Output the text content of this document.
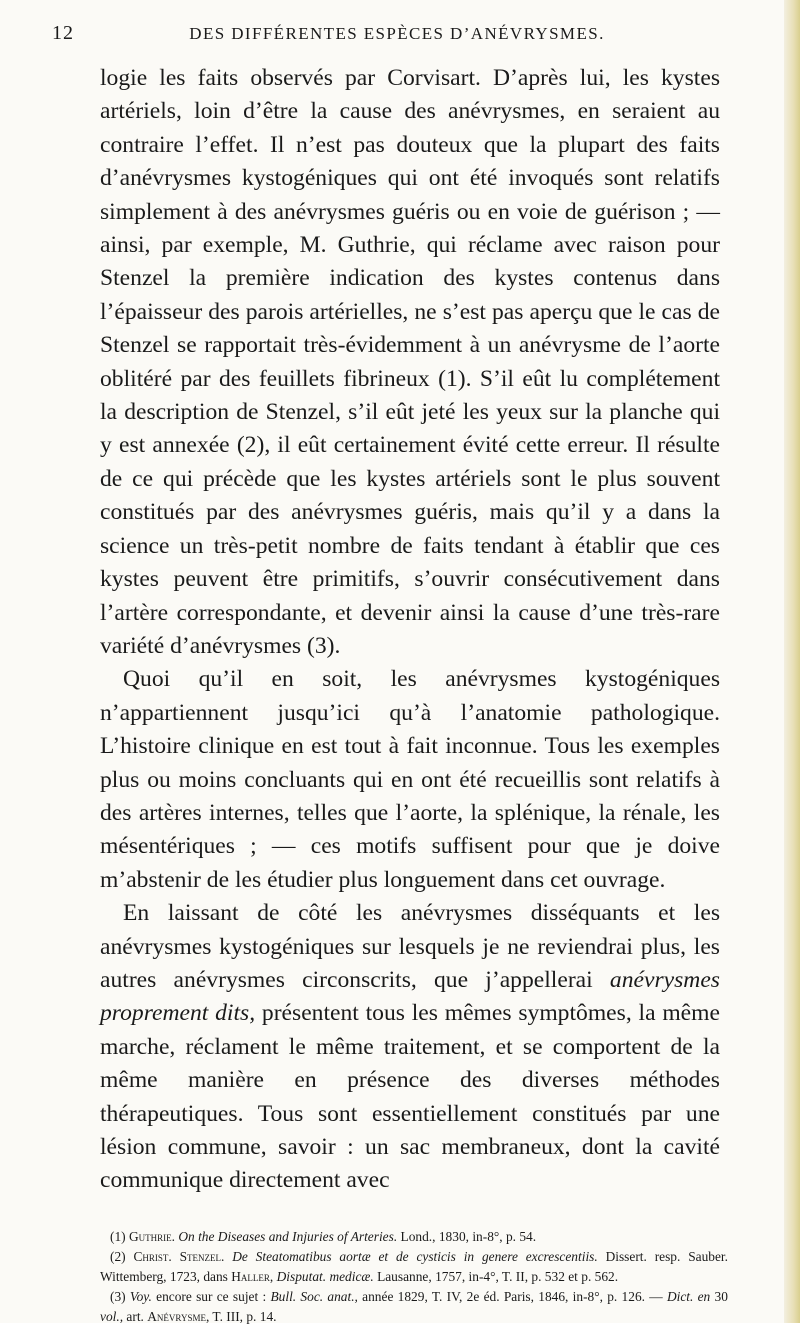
12	DES DIFFÉRENTES ESPÈCES D’ANÉVRYSMES.

logie les faits observés par Corvisart. D’après lui, les kystes artériels, loin d’être la cause des anévrysmes, en seraient au contraire l’effet. Il n’est pas douteux que la plupart des faits d’anévrysmes kystogéniques qui ont été invoqués sont relatifs simplement à des anévrysmes guéris ou en voie de guérison ; — ainsi, par exemple, M. Guthrie, qui réclame avec raison pour Stenzel la première indication des kystes contenus dans l’épaisseur des parois artérielles, ne s’est pas aperçu que le cas de Stenzel se rapportait très-évidemment à un anévrysme de l’aorte oblitéré par des feuillets fibrineux (1). S’il eût lu complétement la description de Stenzel, s’il eût jeté les yeux sur la planche qui y est annexée (2), il eût certainement évité cette erreur. Il résulte de ce qui précède que les kystes artériels sont le plus souvent constitués par des anévrysmes guéris, mais qu’il y a dans la science un très-petit nombre de faits tendant à établir que ces kystes peuvent être primitifs, s’ouvrir consécutivement dans l’artère correspondante, et devenir ainsi la cause d’une très-rare variété d’anévrysmes (3).

Quoi qu’il en soit, les anévrysmes kystogéniques n’appartiennent jusqu’ici qu’à l’anatomie pathologique. L’histoire clinique en est tout à fait inconnue. Tous les exemples plus ou moins concluants qui en ont été recueillis sont relatifs à des artères internes, telles que l’aorte, la splénique, la rénale, les mésentériques ; — ces motifs suffisent pour que je doive m’abstenir de les étudier plus longuement dans cet ouvrage.

En laissant de côté les anévrysmes disséquants et les anévrysmes kystogéniques sur lesquels je ne reviendrai plus, les autres anévrysmes circonscrits, que j’appellerai anévrysmes proprement dits, présentent tous les mêmes symptômes, la même marche, réclament le même traitement, et se comportent de la même manière en présence des diverses méthodes thérapeutiques. Tous sont essentiellement constitués par une lésion commune, savoir : un sac membraneux, dont la cavité communique directement avec

(1) Guthrie. On the Diseases and Injuries of Arteries. Lond., 1830, in-8°, p. 54.

(2) Christ. Stenzel. De Steatomatibus aortæ et de cysticis in genere excrescentiis. Dissert. resp. Sauber. Wittemberg, 1723, dans Haller, Disputat. medicæ. Lausanne, 1757, in-4°, T. II, p. 532 et p. 562.

(3) Voy. encore sur ce sujet : Bull. Soc. anat., année 1829, T. IV, 2e éd. Paris, 1846, in-8°, p. 126. — Dict. en 30 vol., art. Anévrysme, T. III, p. 14.
